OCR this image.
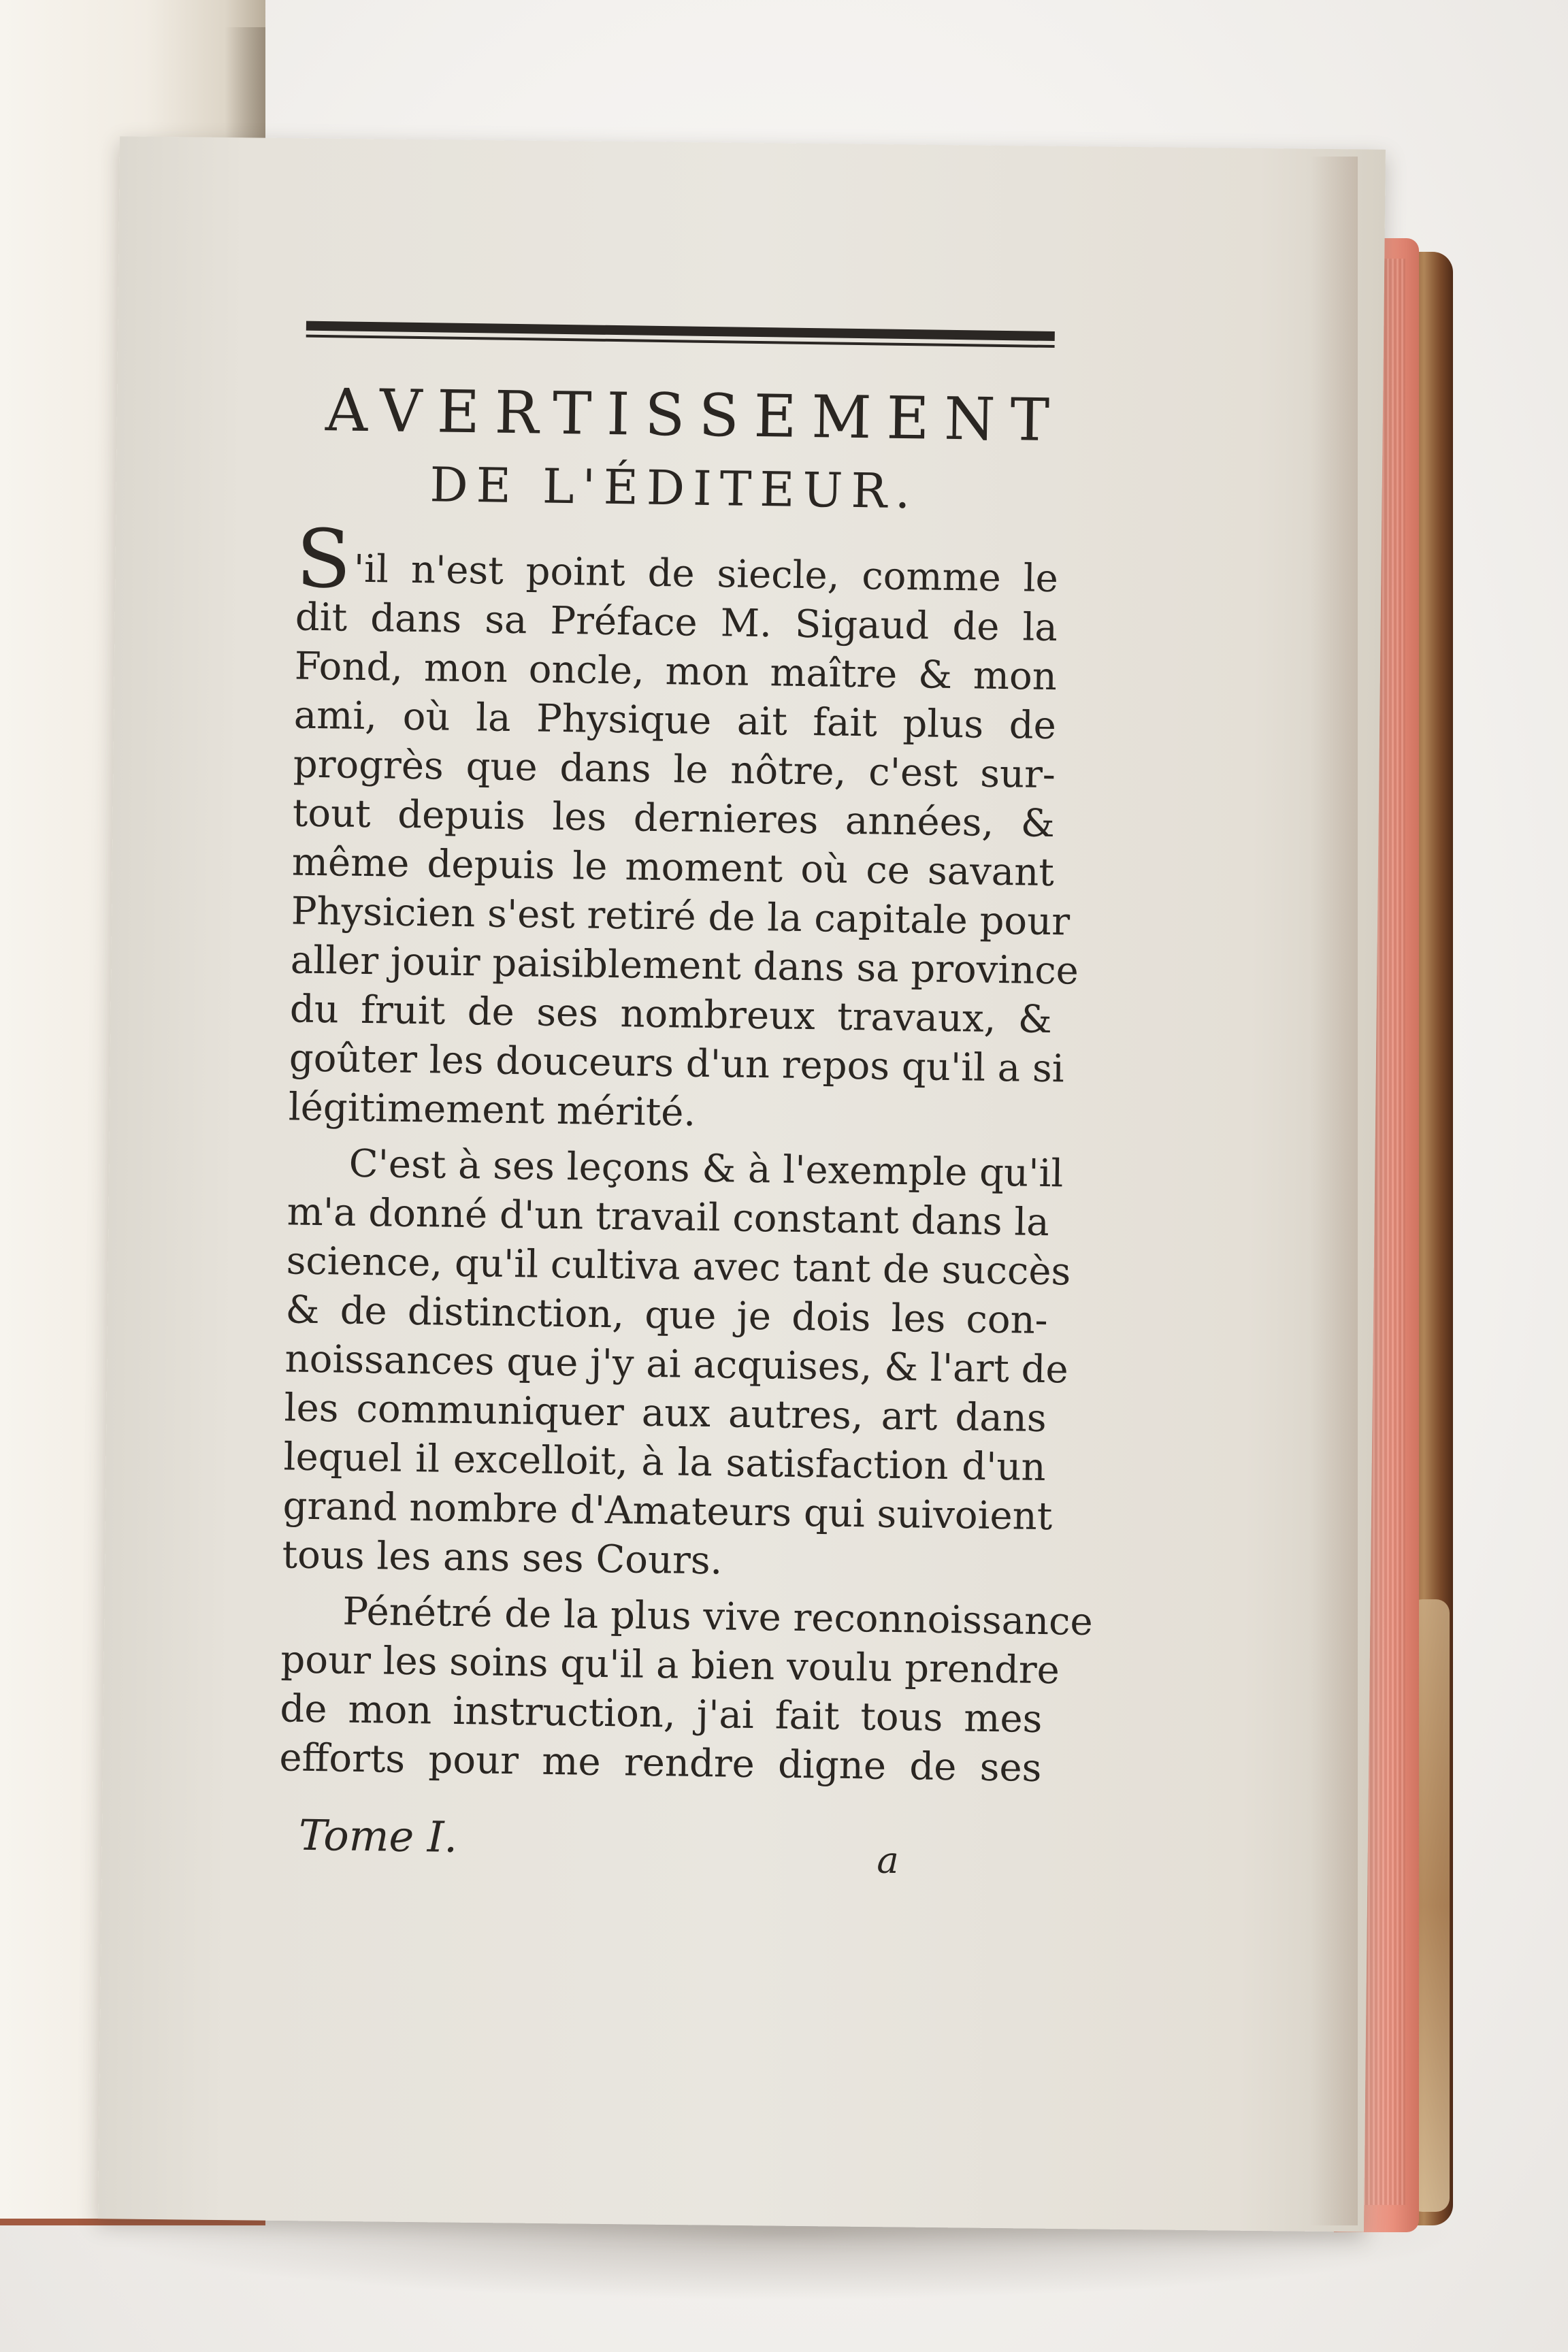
AVERTISSEMENT
DE L'ÉDITEUR.
S'il n'est point de siecle, comme le
dit dans sa Préface M. Sigaud de la
Fond, mon oncle, mon maître & mon
ami, où la Physique ait fait plus de
progrès que dans le nôtre, c'est sur-
tout depuis les dernieres années, &
même depuis le moment où ce savant
Physicien s'est retiré de la capitale pour
aller jouir paisiblement dans sa province
du fruit de ses nombreux travaux, &
goûter les douceurs d'un repos qu'il a si
légitimement mérité.
C'est à ses leçons & à l'exemple qu'il
m'a donné d'un travail constant dans la
science, qu'il cultiva avec tant de succès
& de distinction, que je dois les con-
noissances que j'y ai acquises, & l'art de
les communiquer aux autres, art dans
lequel il excelloit, à la satisfaction d'un
grand nombre d'Amateurs qui suivoient
tous les ans ses Cours.
Pénétré de la plus vive reconnoissance
pour les soins qu'il a bien voulu prendre
de mon instruction, j'ai fait tous mes
efforts pour me rendre digne de ses
Tome I.	a
